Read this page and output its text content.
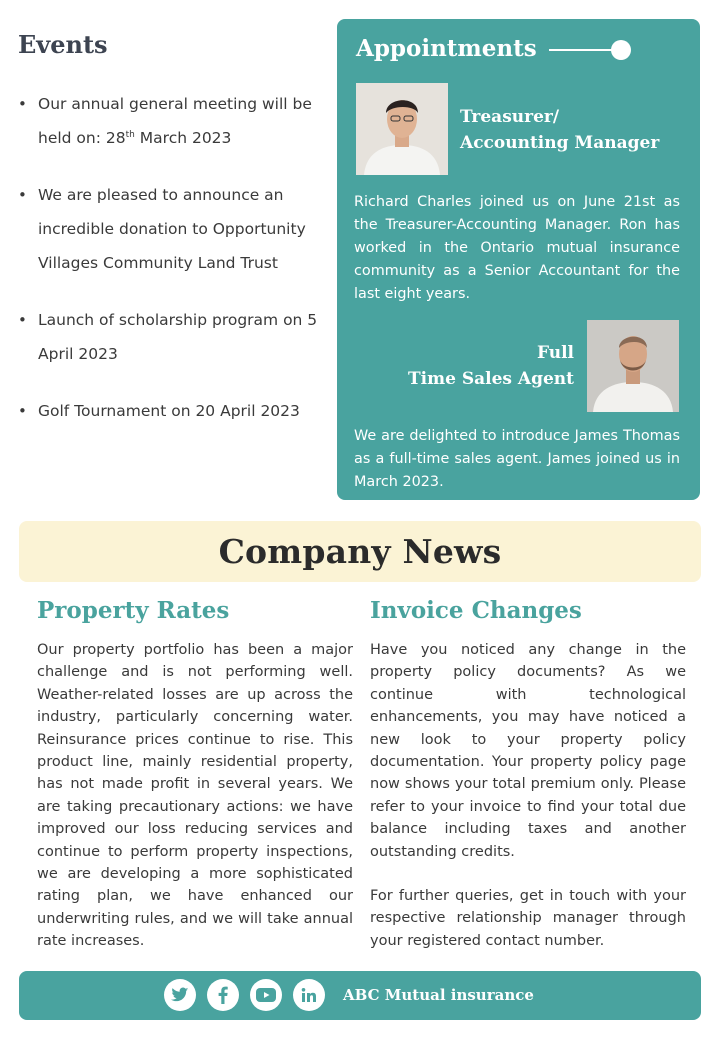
Events
• Our annual general meeting will be held on: 28th March 2023
• We are pleased to announce an incredible donation to Opportunity Villages Community Land Trust
• Launch of scholarship program on 5 April 2023
• Golf Tournament on 20 April 2023
Appointments
Treasurer/
Accounting Manager

Richard Charles joined us on June 21st as the Treasurer-Accounting Manager. Ron has worked in the Ontario mutual insurance community as a Senior Accountant for the last eight years.

Full
Time Sales Agent

We are delighted to introduce James Thomas as a full-time sales agent. James joined us in March 2023.

Company News
Property Rates

Our property portfolio has been a major challenge and is not performing well. Weather-related losses are up across the industry, particularly concerning water. Reinsurance prices continue to rise. This product line, mainly residential property, has not made profit in several years. We are taking precautionary actions: we have improved our loss reducing services and continue to perform property inspections, we are developing a more sophisticated rating plan, we have enhanced our underwriting rules, and we will take annual rate increases.

Invoice Changes

Have you noticed any change in the property policy documents? As we continue with technological enhancements, you may have noticed a new look to your property policy documentation. Your property policy page now shows your total premium only. Please refer to your invoice to find your total due balance including taxes and another outstanding credits.

For further queries, get in touch with your respective relationship manager through your registered contact number.

ABC Mutual insurance
